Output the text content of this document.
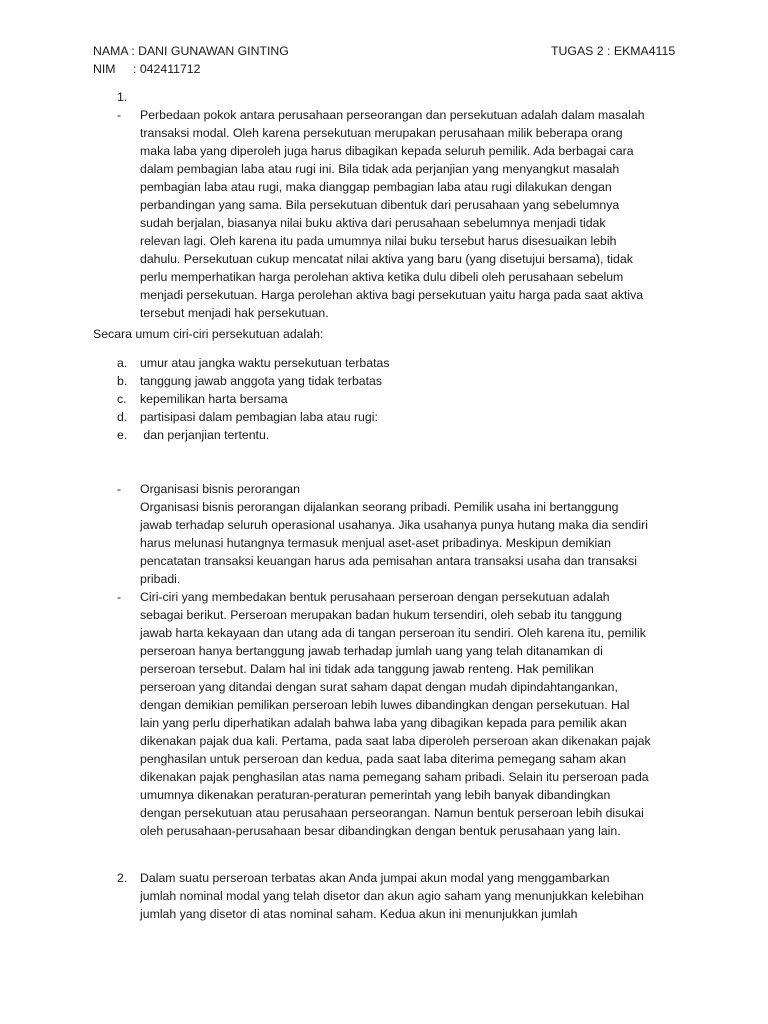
NAMA : DANI GUNAWAN GINTING
NIM : 042411712
TUGAS 2 : EKMA4115
1.
- Perbedaan pokok antara perusahaan perseorangan dan persekutuan adalah dalam masalah
transaksi modal. Oleh karena persekutuan merupakan perusahaan milik beberapa orang
maka laba yang diperoleh juga harus dibagikan kepada seluruh pemilik. Ada berbagai cara
dalam pembagian laba atau rugi ini. Bila tidak ada perjanjian yang menyangkut masalah
pembagian laba atau rugi, maka dianggap pembagian laba atau rugi dilakukan dengan
perbandingan yang sama. Bila persekutuan dibentuk dari perusahaan yang sebelumnya
sudah berjalan, biasanya nilai buku aktiva dari perusahaan sebelumnya menjadi tidak
relevan lagi. Oleh karena itu pada umumnya nilai buku tersebut harus disesuaikan lebih
dahulu. Persekutuan cukup mencatat nilai aktiva yang baru (yang disetujui bersama), tidak
perlu memperhatikan harga perolehan aktiva ketika dulu dibeli oleh perusahaan sebelum
menjadi persekutuan. Harga perolehan aktiva bagi persekutuan yaitu harga pada saat aktiva
tersebut menjadi hak persekutuan.
Secara umum ciri-ciri persekutuan adalah:
a. umur atau jangka waktu persekutuan terbatas
b. tanggung jawab anggota yang tidak terbatas
c. kepemilikan harta bersama
d. partisipasi dalam pembagian laba atau rugi:
e. dan perjanjian tertentu.
- Organisasi bisnis perorangan
Organisasi bisnis perorangan dijalankan seorang pribadi. Pemilik usaha ini bertanggung
jawab terhadap seluruh operasional usahanya. Jika usahanya punya hutang maka dia sendiri
harus melunasi hutangnya termasuk menjual aset-aset pribadinya. Meskipun demikian
pencatatan transaksi keuangan harus ada pemisahan antara transaksi usaha dan transaksi
pribadi.
- Ciri-ciri yang membedakan bentuk perusahaan perseroan dengan persekutuan adalah
sebagai berikut. Perseroan merupakan badan hukum tersendiri, oleh sebab itu tanggung
jawab harta kekayaan dan utang ada di tangan perseroan itu sendiri. Oleh karena itu, pemilik
perseroan hanya bertanggung jawab terhadap jumlah uang yang telah ditanamkan di
perseroan tersebut. Dalam hal ini tidak ada tanggung jawab renteng. Hak pemilikan
perseroan yang ditandai dengan surat saham dapat dengan mudah dipindahtangankan,
dengan demikian pemilikan perseroan lebih luwes dibandingkan dengan persekutuan. Hal
lain yang perlu diperhatikan adalah bahwa laba yang dibagikan kepada para pemilik akan
dikenakan pajak dua kali. Pertama, pada saat laba diperoleh perseroan akan dikenakan pajak
penghasilan untuk perseroan dan kedua, pada saat laba diterima pemegang saham akan
dikenakan pajak penghasilan atas nama pemegang saham pribadi. Selain itu perseroan pada
umumnya dikenakan peraturan-peraturan pemerintah yang lebih banyak dibandingkan
dengan persekutuan atau perusahaan perseorangan. Namun bentuk perseroan lebih disukai
oleh perusahaan-perusahaan besar dibandingkan dengan bentuk perusahaan yang lain.
2. Dalam suatu perseroan terbatas akan Anda jumpai akun modal yang menggambarkan
jumlah nominal modal yang telah disetor dan akun agio saham yang menunjukkan kelebihan
jumlah yang disetor di atas nominal saham. Kedua akun ini menunjukkan jumlah
